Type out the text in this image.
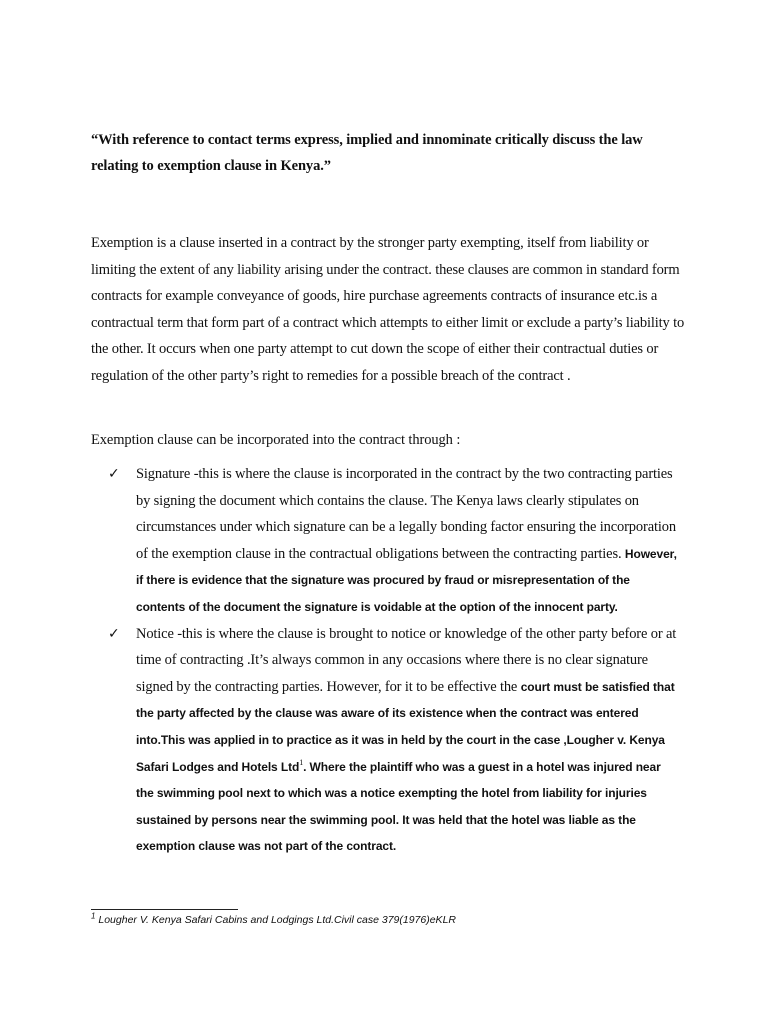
“With reference to contact terms express, implied and innominate critically discuss the law

relating to exemption clause in Kenya.”

Exemption is a clause inserted in a contract by the stronger party exempting, itself from liability or limiting the extent of any liability arising under the contract. these clauses are common in standard form contracts for example conveyance of goods, hire purchase agreements contracts of insurance etc.is a contractual term that form part of a contract which attempts to either limit or exclude a party’s liability to the other. It occurs when one party attempt to cut down the scope of either their contractual duties or regulation of the other party’s right to remedies for a possible breach of the contract .

Exemption clause can be incorporated into the contract through :

✓ Signature -this is where the clause is incorporated in the contract by the two contracting parties by signing the document which contains the clause. The Kenya laws clearly stipulates on circumstances under which signature can be a legally bonding factor ensuring the incorporation of the exemption clause in the contractual obligations between the contracting parties. However, if there is evidence that the signature was procured by fraud or misrepresentation of the contents of the document the signature is voidable at the option of the innocent party.

✓ Notice -this is where the clause is brought to notice or knowledge of the other party before or at time of contracting .It’s always common in any occasions where there is no clear signature signed by the contracting parties. However, for it to be effective the court must be satisfied that the party affected by the clause was aware of its existence when the contract was entered into.This was applied in to practice as it was in held by the court in the case ,Lougher v. Kenya Safari Lodges and Hotels Ltd$^1$. Where the plaintiff who was a guest in a hotel was injured near the swimming pool next to which was a notice exempting the hotel from liability for injuries sustained by persons near the swimming pool. It was held that the hotel was liable as the exemption clause was not part of the contract.

$^1$ Lougher V. Kenya Safari Cabins and Lodgings Ltd.Civil case 379(1976)eKLR
